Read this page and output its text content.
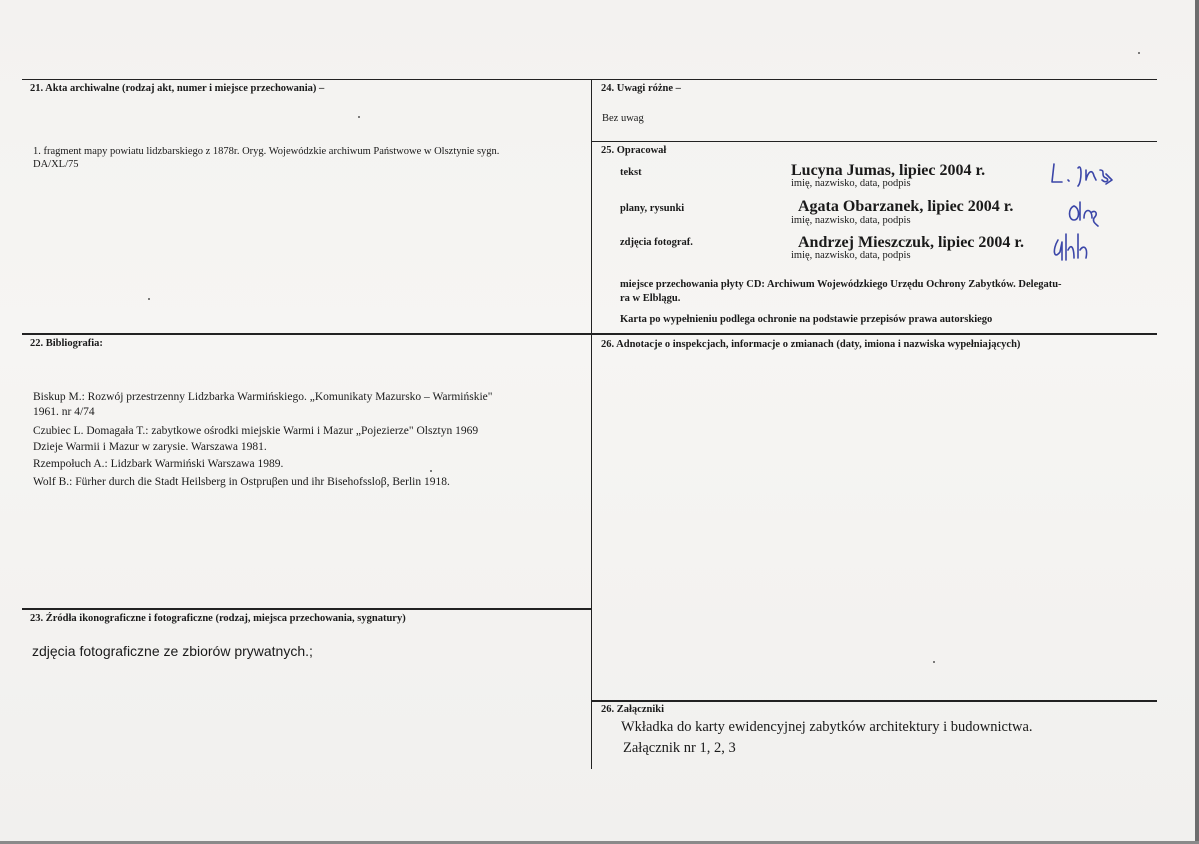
21. Akta archiwalne (rodzaj akt, numer i miejsce przechowania) –
1. fragment mapy powiatu lidzbarskiego z 1878r. Oryg. Wojewódzkie archiwum Państwowe w Olsztynie sygn.
DA/XL/75
22. Bibliografia:
Biskup M.: Rozwój przestrzenny Lidzbarka Warmińskiego. „Komunikaty Mazursko – Warmińskie"
1961. nr 4/74
Czubiec L. Domagała T.: zabytkowe ośrodki miejskie Warmi i Mazur „Pojezierze" Olsztyn 1969
Dzieje Warmii i Mazur w zarysie. Warszawa 1981.
Rzempołuch A.: Lidzbark Warmiński Warszawa 1989.
Wolf B.: Fürher durch die Stadt Heilsberg in Ostpruβen und ihr Bisehofssloβ, Berlin 1918.
23. Źródła ikonograficzne i fotograficzne (rodzaj, miejsca przechowania, sygnatury)
zdjęcia fotograficzne ze zbiorów prywatnych.;
24. Uwagi różne –
Bez uwag
25. Opracował
tekst	Lucyna Jumas, lipiec 2004 r.
imię, nazwisko, data, podpis
plany, rysunki	Agata Obarzanek, lipiec 2004 r.
imię, nazwisko, data, podpis
zdjęcia fotograf.	Andrzej Mieszczuk, lipiec 2004 r.
imię, nazwisko, data, podpis
miejsce przechowania płyty CD: Archiwum Wojewódzkiego Urzędu Ochrony Zabytków. Delegatu-
ra w Elblągu.
Karta po wypełnieniu podlega ochronie na podstawie przepisów prawa autorskiego
26. Adnotacje o inspekcjach, informacje o zmianach (daty, imiona i nazwiska wypełniających)
26. Załączniki
Wkładka do karty ewidencyjnej zabytków architektury i budownictwa.
Załącznik nr 1, 2, 3
